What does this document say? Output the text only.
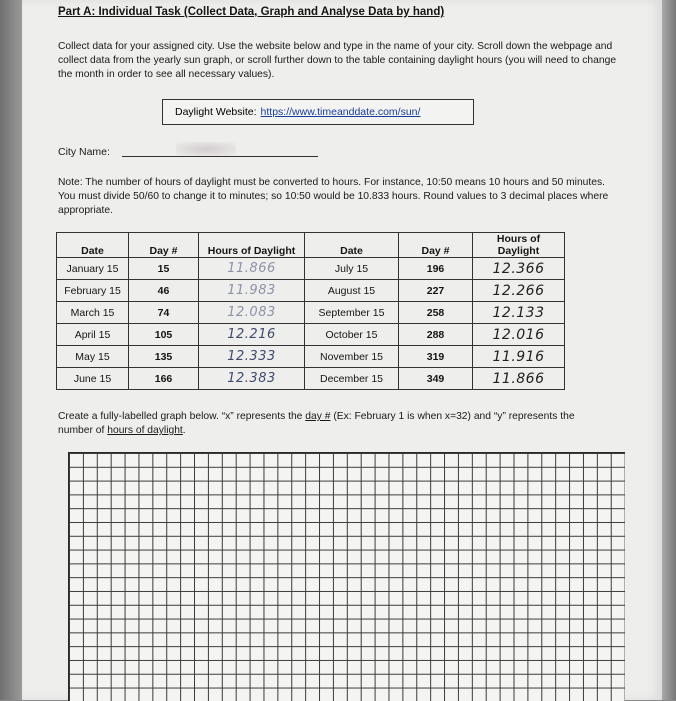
Part A: Individual Task (Collect Data, Graph and Analyse Data by hand)
Collect data for your assigned city. Use the website below and type in the name of your city. Scroll down the webpage and collect data from the yearly sun graph, or scroll further down to the table containing daylight hours (you will need to change the month in order to see all necessary values).
Daylight Website: https://www.timeanddate.com/sun/
City Name:
Note: The number of hours of daylight must be converted to hours. For instance, 10:50 means 10 hours and 50 minutes. You must divide 50/60 to change it to minutes; so 10:50 would be 10.833 hours. Round values to 3 decimal places where appropriate.
Date	Day #	Hours of Daylight	Date	Day #	Hours of Daylight
January 15	15	11.866	July 15	196	12.366
February 15	46	11.983	August 15	227	12.266
March 15	74	12.083	September 15	258	12.133
April 15	105	12.216	October 15	288	12.016
May 15	135	12.333	November 15	319	11.916
June 15	166	12.383	December 15	349	11.866
Create a fully-labelled graph below. “x” represents the day # (Ex: February 1 is when x=32) and “y” represents the number of hours of daylight.
